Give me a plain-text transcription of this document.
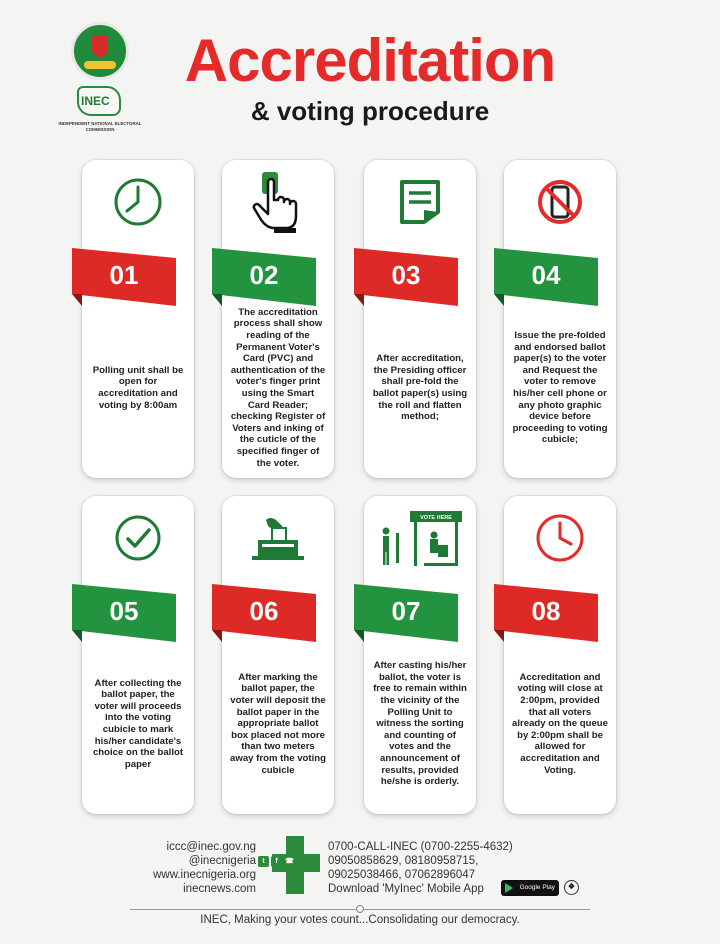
INEC
INDEPENDENT NATIONAL ELECTORAL COMMISSION
Accreditation
& voting procedure
01
Polling unit shall be open for accreditation and voting by 8:00am
02
The accreditation process shall show reading of the Permanent Voter's Card (PVC) and authentication of the voter's finger print using the Smart Card Reader; checking Register of Voters and inking of the cuticle of the specified finger of the voter.
03
After accreditation, the Presiding officer shall pre-fold the ballot paper(s) using the roll and flatten method;
04
Issue the pre-folded and endorsed ballot paper(s) to the voter and Request the voter to remove his/her cell phone or any photo graphic device before proceeding to voting cubicle;
05
After collecting the ballot paper, the voter will proceeds into the voting cubicle to mark his/her candidate's choice on the ballot paper
06
After marking the ballot paper, the voter will deposit the ballot paper in the appropriate ballot box placed not more than two meters away from the voting cubicle
VOTE HERE
07
After casting his/her ballot, the voter is free to remain within the vicinity of the Polling Unit to witness the sorting and counting of votes and the announcement of results, provided he/she is orderly.
08
Accreditation and voting will close at 2:00pm, provided that all voters already on the queue by 2:00pm shall be allowed for accreditation and Voting.
iccc@inec.gov.ng
@inecnigeria
www.inecnigeria.org
inecnews.com
t	f	☎
0700-CALL-INEC (0700-2255-4632)
09050858629, 08180958715,
09025038466, 07062896047
Download 'MyInec' Mobile App	Google Play	❖
INEC, Making your votes count...Consolidating our democracy.
